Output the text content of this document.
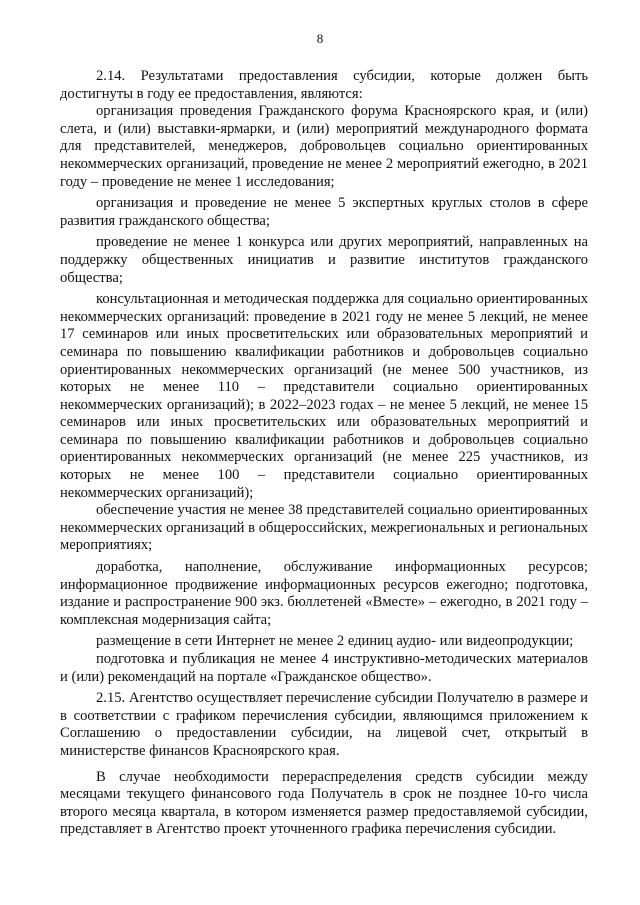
8

2.14. Результатами предоставления субсидии, которые должен быть достигнуты в году ее предоставления, являются:

организация проведения Гражданского форума Красноярского края, и (или) слета, и (или) выставки-ярмарки, и (или) мероприятий международного формата для представителей, менеджеров, добровольцев социально ориентированных некоммерческих организаций, проведение не менее 2 мероприятий ежегодно, в 2021 году – проведение не менее 1 исследования;

организация и проведение не менее 5 экспертных круглых столов в сфере развития гражданского общества;

проведение не менее 1 конкурса или других мероприятий, направленных на поддержку общественных инициатив и развитие институтов гражданского общества;

консультационная и методическая поддержка для социально ориентированных некоммерческих организаций: проведение в 2021 году не менее 5 лекций, не менее 17 семинаров или иных просветительских или образовательных мероприятий и семинара по повышению квалификации работников и добровольцев социально ориентированных некоммерческих организаций (не менее 500 участников, из которых не менее 110 – представители социально ориентированных некоммерческих организаций); в 2022–2023 годах – не менее 5 лекций, не менее 15 семинаров или иных просветительских или образовательных мероприятий и семинара по повышению квалификации работников и добровольцев социально ориентированных некоммерческих организаций (не менее 225 участников, из которых не менее 100 – представители социально ориентированных некоммерческих организаций);

обеспечение участия не менее 38 представителей социально ориентированных некоммерческих организаций в общероссийских, межрегиональных и региональных мероприятиях;

доработка, наполнение, обслуживание информационных ресурсов; информационное продвижение информационных ресурсов ежегодно; подготовка, издание и распространение 900 экз. бюллетеней «Вместе» – ежегодно, в 2021 году – комплексная модернизация сайта;

размещение в сети Интернет не менее 2 единиц аудио- или видеопродукции;

подготовка и публикация не менее 4 инструктивно-методических материалов и (или) рекомендаций на портале «Гражданское общество».

2.15. Агентство осуществляет перечисление субсидии Получателю в размере и в соответствии с графиком перечисления субсидии, являющимся приложением к Соглашению о предоставлении субсидии, на лицевой счет, открытый в министерстве финансов Красноярского края.

В случае необходимости перераспределения средств субсидии между месяцами текущего финансового года Получатель в срок не позднее 10-го числа второго месяца квартала, в котором изменяется размер предоставляемой субсидии, представляет в Агентство проект уточненного графика перечисления субсидии.
